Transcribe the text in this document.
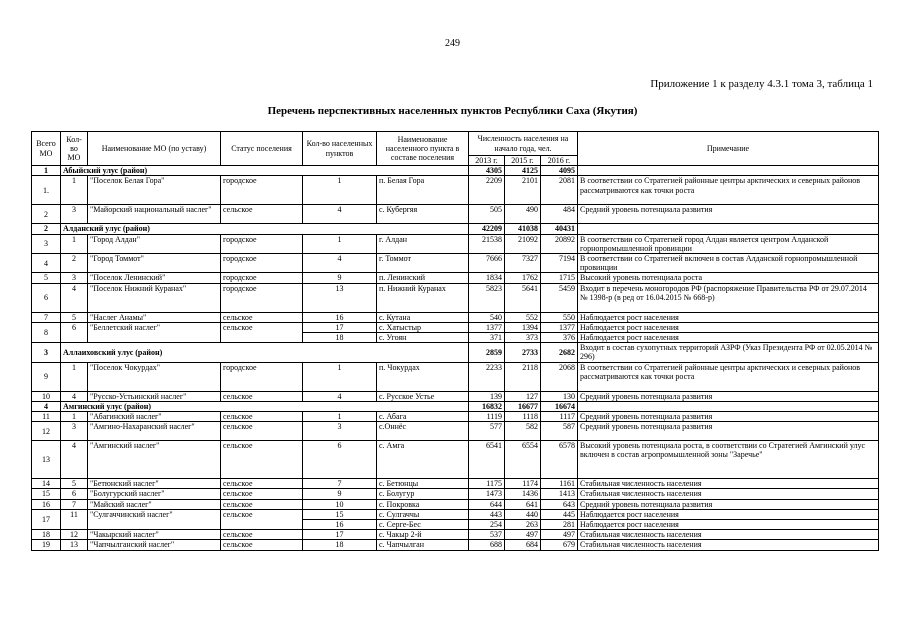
249
Приложение 1 к разделу 4.3.1 тома 3, таблица 1
Перечень перспективных населенных пунктов Республики Саха (Якутия)
Всего МО	Кол-во МО	Наименование МО (по уставу)	Статус поселения	Кол-во населенных пунктов	Наименование населенного пункта в составе поселения	Численность населения на начало года, чел.			Примечание
						2013 г.	2015 г.	2016 г.	
1	Абыйский улус (район)					4305	4125	4095	
1.	1	"Поселок Белая Гора"	городское	1	п. Белая Гора	2209	2101	2081	В соответствии со Стратегией районные центры арктических и северных районов рассматриваются как точки роста
2	3	"Майорский национальный наслег"	сельское	4	с. Кубергяя	505	490	484	Средний уровень потенциала развития
2	Алданский улус (район)					42209	41038	40431	
3	1	"Город Алдан"	городское	1	г. Алдан	21538	21092	20892	В соответствии со Стратегией город Алдан является центром Алданской горнопромышленной провинции
4	2	"Город Томмот"	городское	4	г. Томмот	7666	7327	7194	В соответствии со Стратегией включен в состав Алданской горнопромышленной провинции
5	3	"Поселок Ленинский"	городское	9	п. Ленинский	1834	1762	1715	Высокий уровень потенциала роста
6	4	"Поселок Нижний Куранах"	городское	13	п. Нижний Куранах	5823	5641	5459	Входит в перечень моногородов РФ (распоряжение Правительства РФ от 29.07.2014 № 1398-р (в ред от 16.04.2015 № 668-р)
7	5	"Наслег Анамы"	сельское	16	с. Кутана	540	552	550	Наблюдается рост населения
8	6	"Беллетский наслег"	сельское	17	с. Хатыстыр	1377	1394	1377	Наблюдается рост населения
				18	с. Угоян	371	373	376	Наблюдается рост населения
3	Аллаиховский улус (район)					2859	2733	2682	Входит в состав сухопутных территорий АЗРФ (Указ Президента РФ от 02.05.2014 № 296)
9	1	"Поселок Чокурдах"	городское	1	п. Чокурдах	2233	2118	2068	В соответствии со Стратегией районные центры арктических и северных районов рассматриваются как точки роста
10	4	"Русско-Устьинский наслег"	сельское	4	с. Русское Устье	139	127	130	Средний уровень потенциала развития
4	Амгинский улус (район)					16832	16677	16674	
11	1	"Абагинский наслег"	сельское	1	с. Абага	1119	1118	1117	Средний уровень потенциала развития
12	3	"Амгино-Нахаранский наслег"	сельское	3	с.Оннёс	577	582	587	Средний уровень потенциала развития
13	4	"Амгинский наслег"	сельское	6	с. Амга	6541	6554	6578	Высокий уровень потенциала роста, в соответствии со Стратегией Амгинский улус включен в состав агропромышленной зоны "Заречье"
14	5	"Бетюнский наслег"	сельское	7	с. Бетюнцы	1175	1174	1161	Стабильная численность населения
15	6	"Болугурский наслег"	сельское	9	с. Болугур	1473	1436	1413	Стабильная численность населения
16	7	"Майский наслег"	сельское	10	с. Покровка	644	641	643	Средний уровень потенциала развития
17	11	"Сулгаччинский наслег"	сельское	15	с. Сулгаччы	443	440	445	Наблюдается рост населения
				16	с. Серге-Бес	254	263	281	Наблюдается рост населения
18	12	"Чакырский наслег"	сельское	17	с. Чакыр 2-й	537	497	497	Стабильная численность населения
19	13	"Чапчылганский наслег"	сельское	18	с. Чапчылган	688	684	679	Стабильная численность населения
